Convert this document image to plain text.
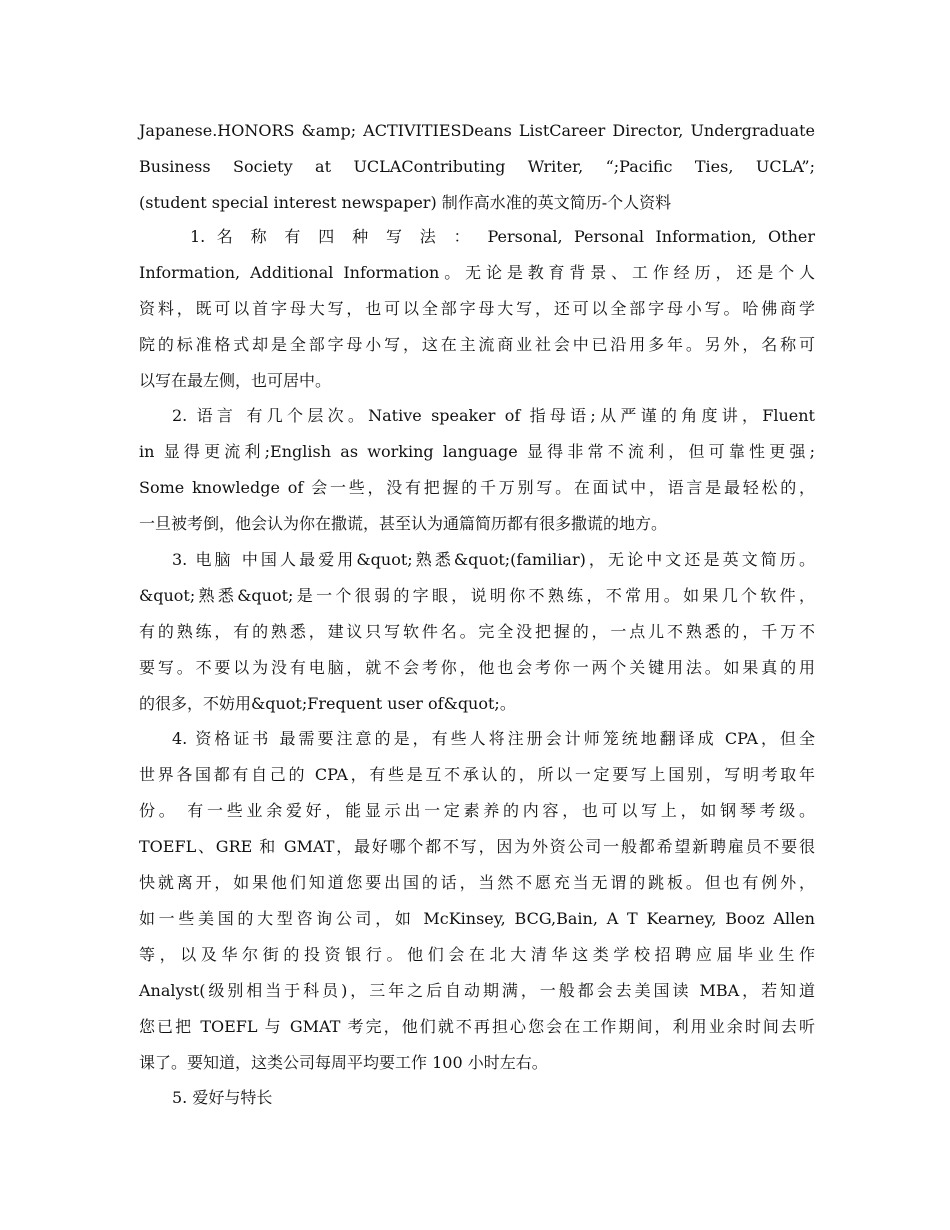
Japanese.HONORS &amp; ACTIVITIESDeans ListCareer Director, Undergraduate

Business Society at UCLAContributing Writer, “;Pacific Ties, UCLA”;

(student special interest newspaper) 制作高水准的英文简历-个人资料

1. 名 称 有 四 种 写 法 ： Personal, Personal Information, Other

Information, Additional Information。无论是教育背景、工作经历，还是个人

资料，既可以首字母大写，也可以全部字母大写，还可以全部字母小写。哈佛商学

院的标准格式却是全部字母小写，这在主流商业社会中已沿用多年。另外，名称可

以写在最左侧，也可居中。

2. 语言 有几个层次。Native speaker of 指母语;从严谨的角度讲，Fluent

in 显得更流利;English as working language 显得非常不流利，但可靠性更强;

Some knowledge of 会一些，没有把握的千万别写。在面试中，语言是最轻松的，

一旦被考倒，他会认为你在撒谎，甚至认为通篇简历都有很多撒谎的地方。

3. 电脑 中国人最爱用&quot;熟悉&quot;(familiar)，无论中文还是英文简历。

&quot;熟悉&quot;是一个很弱的字眼，说明你不熟练，不常用。如果几个软件，

有的熟练，有的熟悉，建议只写软件名。完全没把握的，一点儿不熟悉的，千万不

要写。不要以为没有电脑，就不会考你，他也会考你一两个关键用法。如果真的用

的很多，不妨用&quot;Frequent user of&quot;。

4. 资格证书 最需要注意的是，有些人将注册会计师笼统地翻译成 CPA，但全

世界各国都有自己的 CPA，有些是互不承认的，所以一定要写上国别，写明考取年

份。 有一些业余爱好，能显示出一定素养的内容，也可以写上，如钢琴考级。

TOEFL、GRE 和 GMAT，最好哪个都不写，因为外资公司一般都希望新聘雇员不要很

快就离开，如果他们知道您要出国的话，当然不愿充当无谓的跳板。但也有例外，

如一些美国的大型咨询公司，如 McKinsey, BCG,Bain, A T Kearney, Booz Allen

等，以及华尔街的投资银行。他们会在北大清华这类学校招聘应届毕业生作

Analyst(级别相当于科员)，三年之后自动期满，一般都会去美国读 MBA，若知道

您已把 TOEFL 与 GMAT 考完，他们就不再担心您会在工作期间，利用业余时间去听

课了。要知道，这类公司每周平均要工作 100 小时左右。

5. 爱好与特长
